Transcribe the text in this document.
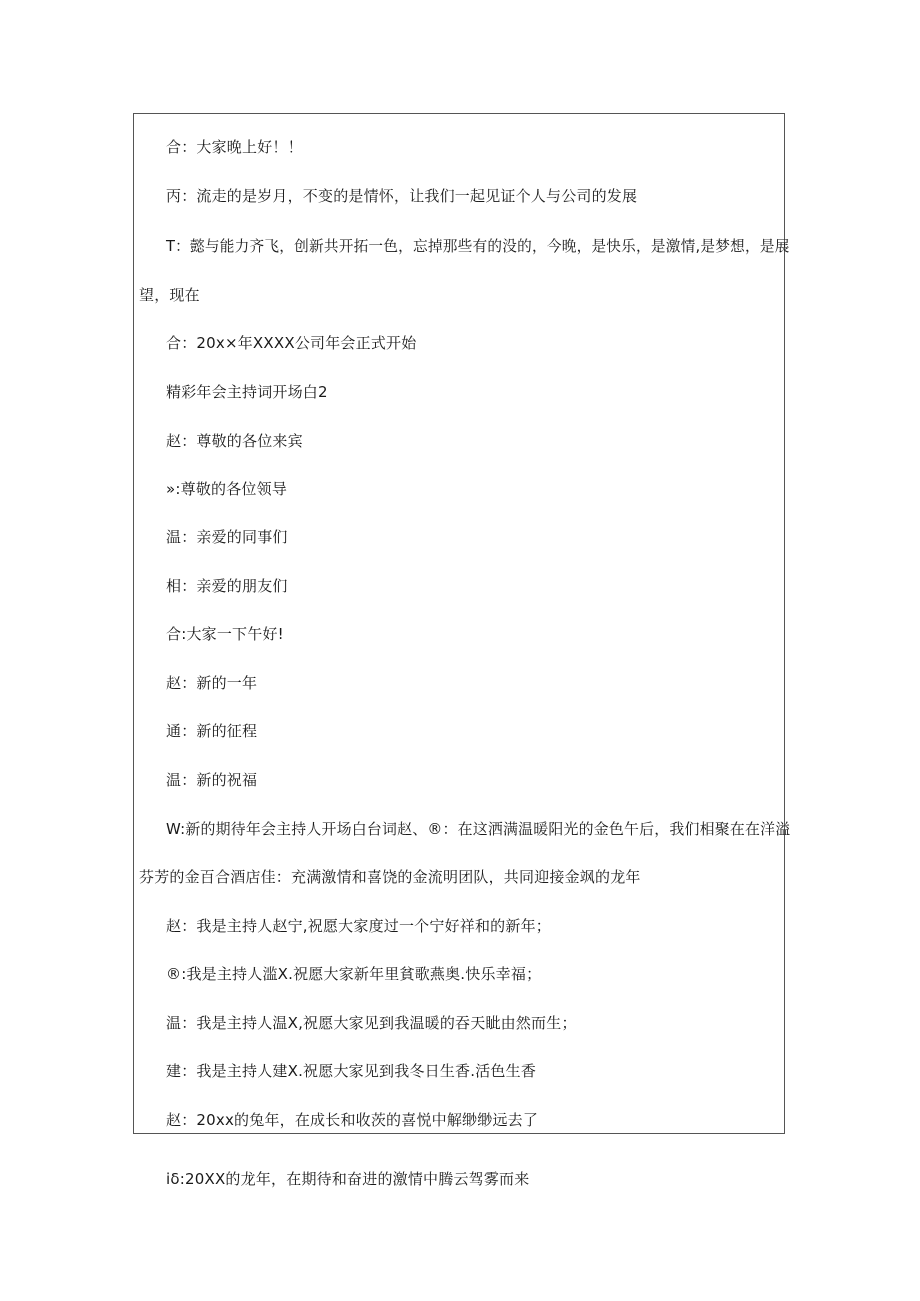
合：大家晚上好！！
丙：流走的是岁月，不变的是情怀，让我们一起见证个人与公司的发展
T：懿与能力齐飞，创新共开拓一色，忘掉那些有的没的，今晚，是快乐，是激情,是梦想，是展
望，现在
合：20x×年XXXX公司年会正式开始
精彩年会主持词开场白2
赵：尊敬的各位来宾
»:尊敬的各位领导
温：亲爱的同事们
相：亲爱的朋友们
合:大家一下午好!
赵：新的一年
通：新的征程
温：新的祝福
W:新的期待年会主持人开场白台词赵、®：在这洒满温暖阳光的金色午后，我们相聚在在洋溢
芬芳的金百合酒店佳：充满激情和喜饶的金流明团队，共同迎接金飒的龙年
赵：我是主持人赵宁,祝愿大家度过一个宁好祥和的新年；
®:我是主持人滥X.祝愿大家新年里貧歌燕奥.快乐幸福；
温：我是主持人温X,祝愿大家见到我温暖的吞天眦由然而生；
建：我是主持人建X.祝愿大家见到我冬日生香.活色生香
赵：20xx的兔年，在成长和收茨的喜悦中解缈缈远去了
iδ:20XX的龙年，在期待和奋进的激情中腾云驾雾而来
